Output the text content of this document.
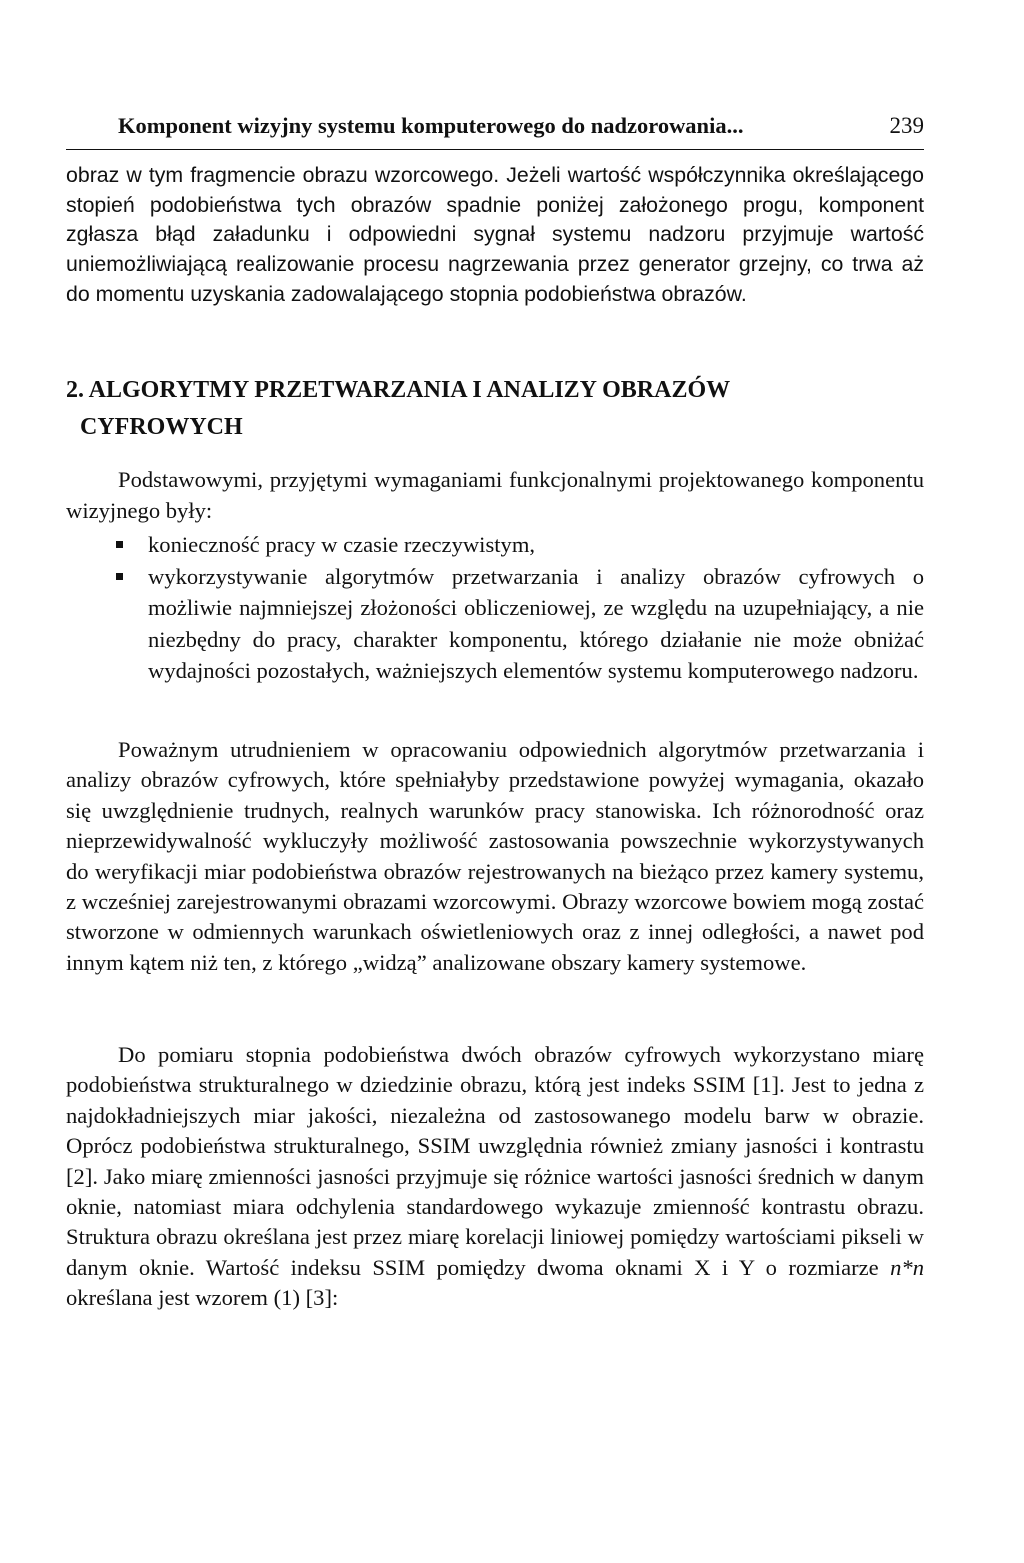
Komponent wizyjny systemu komputerowego do nadzorowania...	239

obraz w tym fragmencie obrazu wzorcowego. Jeżeli wartość współczynnika określającego stopień podobieństwa tych obrazów spadnie poniżej założonego progu, komponent zgłasza błąd załadunku i odpowiedni sygnał systemu nadzoru przyjmuje wartość uniemożliwiającą realizowanie procesu nagrzewania przez generator grzejny, co trwa aż do momentu uzyskania zadowalającego stopnia podobieństwa obrazów.

2. ALGORYTMY PRZETWARZANIA I ANALIZY OBRAZÓW
CYFROWYCH

Podstawowymi, przyjętymi wymaganiami funkcjonalnymi projektowanego komponentu wizyjnego były:

konieczność pracy w czasie rzeczywistym,
wykorzystywanie algorytmów przetwarzania i analizy obrazów cyfrowych o możliwie najmniejszej złożoności obliczeniowej, ze względu na uzupełniający, a nie niezbędny do pracy, charakter komponentu, którego działanie nie może obniżać wydajności pozostałych, ważniejszych elementów systemu komputerowego nadzoru.

Poważnym utrudnieniem w opracowaniu odpowiednich algorytmów przetwarzania i analizy obrazów cyfrowych, które spełniałyby przedstawione powyżej wymagania, okazało się uwzględnienie trudnych, realnych warunków pracy stanowiska. Ich różnorodność oraz nieprzewidywalność wykluczyły możliwość zastosowania powszechnie wykorzystywanych do weryfikacji miar podobieństwa obrazów rejestrowanych na bieżąco przez kamery systemu, z wcześniej zarejestrowanymi obrazami wzorcowymi. Obrazy wzorcowe bowiem mogą zostać stworzone w odmiennych warunkach oświetleniowych oraz z innej odległości, a nawet pod innym kątem niż ten, z którego „widzą” analizowane obszary kamery systemowe.

Do pomiaru stopnia podobieństwa dwóch obrazów cyfrowych wykorzystano miarę podobieństwa strukturalnego w dziedzinie obrazu, którą jest indeks SSIM [1]. Jest to jedna z najdokładniejszych miar jakości, niezależna od zastosowanego modelu barw w obrazie. Oprócz podobieństwa strukturalnego, SSIM uwzględnia również zmiany jasności i kontrastu [2]. Jako miarę zmienności jasności przyjmuje się różnice wartości jasności średnich w danym oknie, natomiast miara odchylenia standardowego wykazuje zmienność kontrastu obrazu. Struktura obrazu określana jest przez miarę korelacji liniowej pomiędzy wartościami pikseli w danym oknie. Wartość indeksu SSIM pomiędzy dwoma oknami X i Y o rozmiarze n*n określana jest wzorem (1) [3]:
